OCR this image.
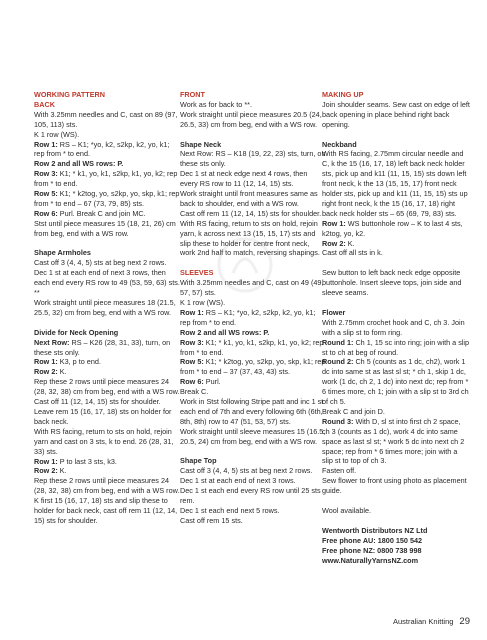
WORKING PATTERN
BACK
With 3.25mm needles and C, cast on 89 (97, 105, 113) sts.
K 1 row (WS).
Row 1: RS – K1; *yo, k2, s2kp, k2, yo, k1; rep from * to end.
Row 2 and all WS rows: P.
Row 3: K1; * k1, yo, k1, s2kp, k1, yo, k2; rep from * to end.
Row 5: K1; * k2tog, yo, s2kp, yo, skp, k1; rep from * to end – 67 (73, 79, 85) sts.
Row 6: Purl. Break C and join MC.
Stst until piece measures 15 (18, 21, 26) cm from beg, end with a WS row.
Shape Armholes
Cast off 3 (4, 4, 5) sts at beg next 2 rows.
Dec 1 st at each end of next 3 rows, then each end every RS row to 49 (53, 59, 63) sts. **
Work straight until piece measures 18 (21.5, 25.5, 32) cm from beg, end with a WS row.
Divide for Neck Opening
Next Row: RS – K26 (28, 31, 33), turn, on these sts only.
Row 1: K3, p to end.
Row 2: K.
Rep these 2 rows until piece measures 24 (28, 32, 38) cm from beg, end with a WS row.
Cast off 11 (12, 14, 15) sts for shoulder.
Leave rem 15 (16, 17, 18) sts on holder for back neck.
With RS facing, return to sts on hold, rejoin yarn and cast on 3 sts, k to end. 26 (28, 31, 33) sts.
Row 1: P to last 3 sts, k3.
Row 2: K.
Rep these 2 rows until piece measures 24 (28, 32, 38) cm from beg, end with a WS row.
K first 15 (16, 17, 18) sts and slip these to holder for back neck, cast off rem 11 (12, 14, 15) sts for shoulder.
FRONT
Work as for back to **.
Work straight until piece measures 20.5 (24, 26.5, 33) cm from beg, end with a WS row.
Shape Neck
Next Row: RS – K18 (19, 22, 23) sts, turn, on these sts only.
Dec 1 st at neck edge next 4 rows, then every RS row to 11 (12, 14, 15) sts.
Work straight until front measures same as back to shoulder, end with a WS row.
Cast off rem 11 (12, 14, 15) sts for shoulder.
With RS facing, return to sts on hold, rejoin yarn, k across next 13 (15, 15, 17) sts and slip these to holder for centre front neck, work 2nd half to match, reversing shapings.
SLEEVES
With 3.25mm needles and C, cast on 49 (49, 57, 57) sts.
K 1 row (WS).
Row 1: RS – K1; *yo, k2, s2kp, k2, yo, k1; rep from * to end.
Row 2 and all WS rows: P.
Row 3: K1; * k1, yo, k1, s2kp, k1, yo, k2; rep from * to end.
Row 5: K1; * k2tog, yo, s2kp, yo, skp, k1; rep from * to end – 37 (37, 43, 43) sts.
Row 6: Purl.
Break C.
Work in Stst following Stripe patt and inc 1 st each end of 7th and every following 6th (6th, 8th, 8th) row to 47 (51, 53, 57) sts.
Work straight until sleeve measures 15 (16.5, 20.5, 24) cm from beg, end with a WS row.
Shape Top
Cast off 3 (4, 4, 5) sts at beg next 2 rows.
Dec 1 st at each end of next 3 rows.
Dec 1 st each end every RS row until 25 sts rem.
Dec 1 st each end next 5 rows.
Cast off rem 15 sts.
MAKING UP
Join shoulder seams. Sew cast on edge of left back opening in place behind right back opening.
Neckband
With RS facing, 2.75mm circular needle and C, k the 15 (16, 17, 18) left back neck holder sts, pick up and k11 (11, 15, 15) sts down left front neck, k the 13 (15, 15, 17) front neck holder sts, pick up and k11 (11, 15, 15) sts up right front neck, k the 15 (16, 17, 18) right back neck holder sts – 65 (69, 79, 83) sts.
Row 1: WS buttonhole row – K to last 4 sts, k2tog, yo, k2.
Row 2: K.
Cast off all sts in k.
Sew button to left back neck edge opposite buttonhole. Insert sleeve tops, join side and sleeve seams.
Flower
With 2.75mm crochet hook and C, ch 3. Join with a slip st to form ring.
Round 1: Ch 1, 15 sc into ring; join with a slip st to ch at beg of round.
Round 2: Ch 5 (counts as 1 dc, ch2), work 1 dc into same st as last sl st; * ch 1, skip 1 dc, work (1 dc, ch 2, 1 dc) into next dc; rep from * 6 times more, ch 1; join with a slip st to 3rd ch of ch 5.
Break C and join D.
Round 3: With D, sl st into first ch 2 space, ch 3 (counts as 1 dc), work 4 dc into same space as last sl st; * work 5 dc into next ch 2 space; rep from * 6 times more; join with a slip st to top of ch 3.
Fasten off.
Sew flower to front using photo as placement guide.
Wool available.
Wentworth Distributors NZ Ltd
Free phone AU: 1800 150 542
Free phone NZ: 0800 738 998
www.NaturallyYarnsNZ.com
Australian Knitting 29
